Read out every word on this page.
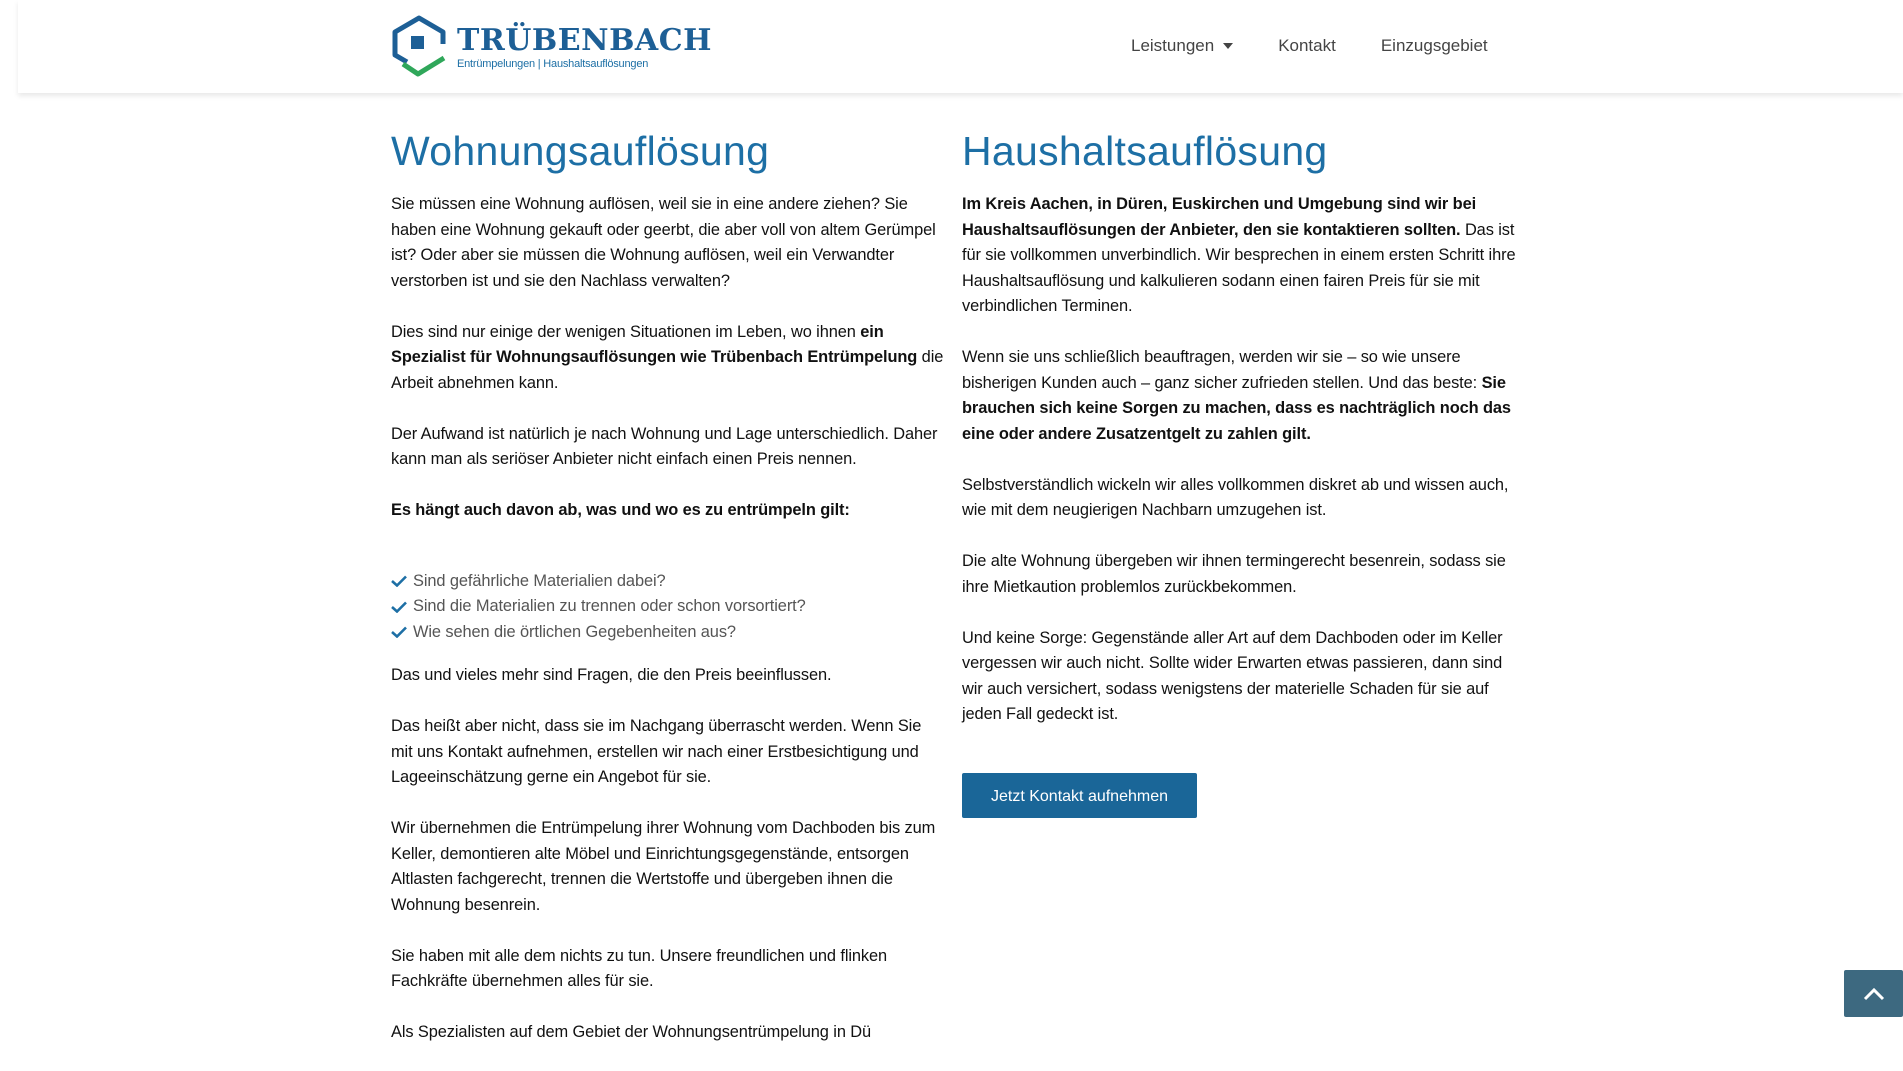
TRÜBENBACH
Entrümpelungen | Haushaltsauflösungen
Leistungen	Kontakt	Einzugsgebiet
Wohnungsauflösung

Sie müssen eine Wohnung auflösen, weil sie in eine andere ziehen? Sie haben eine Wohnung gekauft oder geerbt, die aber voll von altem Gerümpel ist? Oder aber sie müssen die Wohnung auflösen, weil ein Verwandter verstorben ist und sie den Nachlass verwalten?

Dies sind nur einige der wenigen Situationen im Leben, wo ihnen ein Spezialist für Wohnungsauflösungen wie Trübenbach Entrümpelung die Arbeit abnehmen kann.

Der Aufwand ist natürlich je nach Wohnung und Lage unterschiedlich. Daher kann man als seriöser Anbieter nicht einfach einen Preis nennen.

Es hängt auch davon ab, was und wo es zu entrümpeln gilt:

Sind gefährliche Materialien dabei?
Sind die Materialien zu trennen oder schon vorsortiert?
Wie sehen die örtlichen Gegebenheiten aus?

Das und vieles mehr sind Fragen, die den Preis beeinflussen.

Das heißt aber nicht, dass sie im Nachgang überrascht werden. Wenn Sie mit uns Kontakt aufnehmen, erstellen wir nach einer Erstbesichtigung und Lageeinschätzung gerne ein Angebot für sie.

Wir übernehmen die Entrümpelung ihrer Wohnung vom Dachboden bis zum Keller, demontieren alte Möbel und Einrichtungsgegenstände, entsorgen Altlasten fachgerecht, trennen die Wertstoffe und übergeben ihnen die Wohnung besenrein.

Sie haben mit alle dem nichts zu tun. Unsere freundlichen und flinken Fachkräfte übernehmen alles für sie.

Als Spezialisten auf dem Gebiet der Wohnungsentrümpelung in Dü

Haushaltsauflösung

Im Kreis Aachen, in Düren, Euskirchen und Umgebung sind wir bei Haushaltsauflösungen der Anbieter, den sie kontaktieren sollten. Das ist für sie vollkommen unverbindlich. Wir besprechen in einem ersten Schritt ihre Haushaltsauflösung und kalkulieren sodann einen fairen Preis für sie mit verbindlichen Terminen.

Wenn sie uns schließlich beauftragen, werden wir sie – so wie unsere bisherigen Kunden auch – ganz sicher zufrieden stellen. Und das beste: Sie brauchen sich keine Sorgen zu machen, dass es nachträglich noch das eine oder andere Zusatzentgelt zu zahlen gilt.

Selbstverständlich wickeln wir alles vollkommen diskret ab und wissen auch, wie mit dem neugierigen Nachbarn umzugehen ist.

Die alte Wohnung übergeben wir ihnen termingerecht besenrein, sodass sie ihre Mietkaution problemlos zurückbekommen.

Und keine Sorge: Gegenstände aller Art auf dem Dachboden oder im Keller vergessen wir auch nicht. Sollte wider Erwarten etwas passieren, dann sind wir auch versichert, sodass wenigstens der materielle Schaden für sie auf jeden Fall gedeckt ist.

Jetzt Kontakt aufnehmen
